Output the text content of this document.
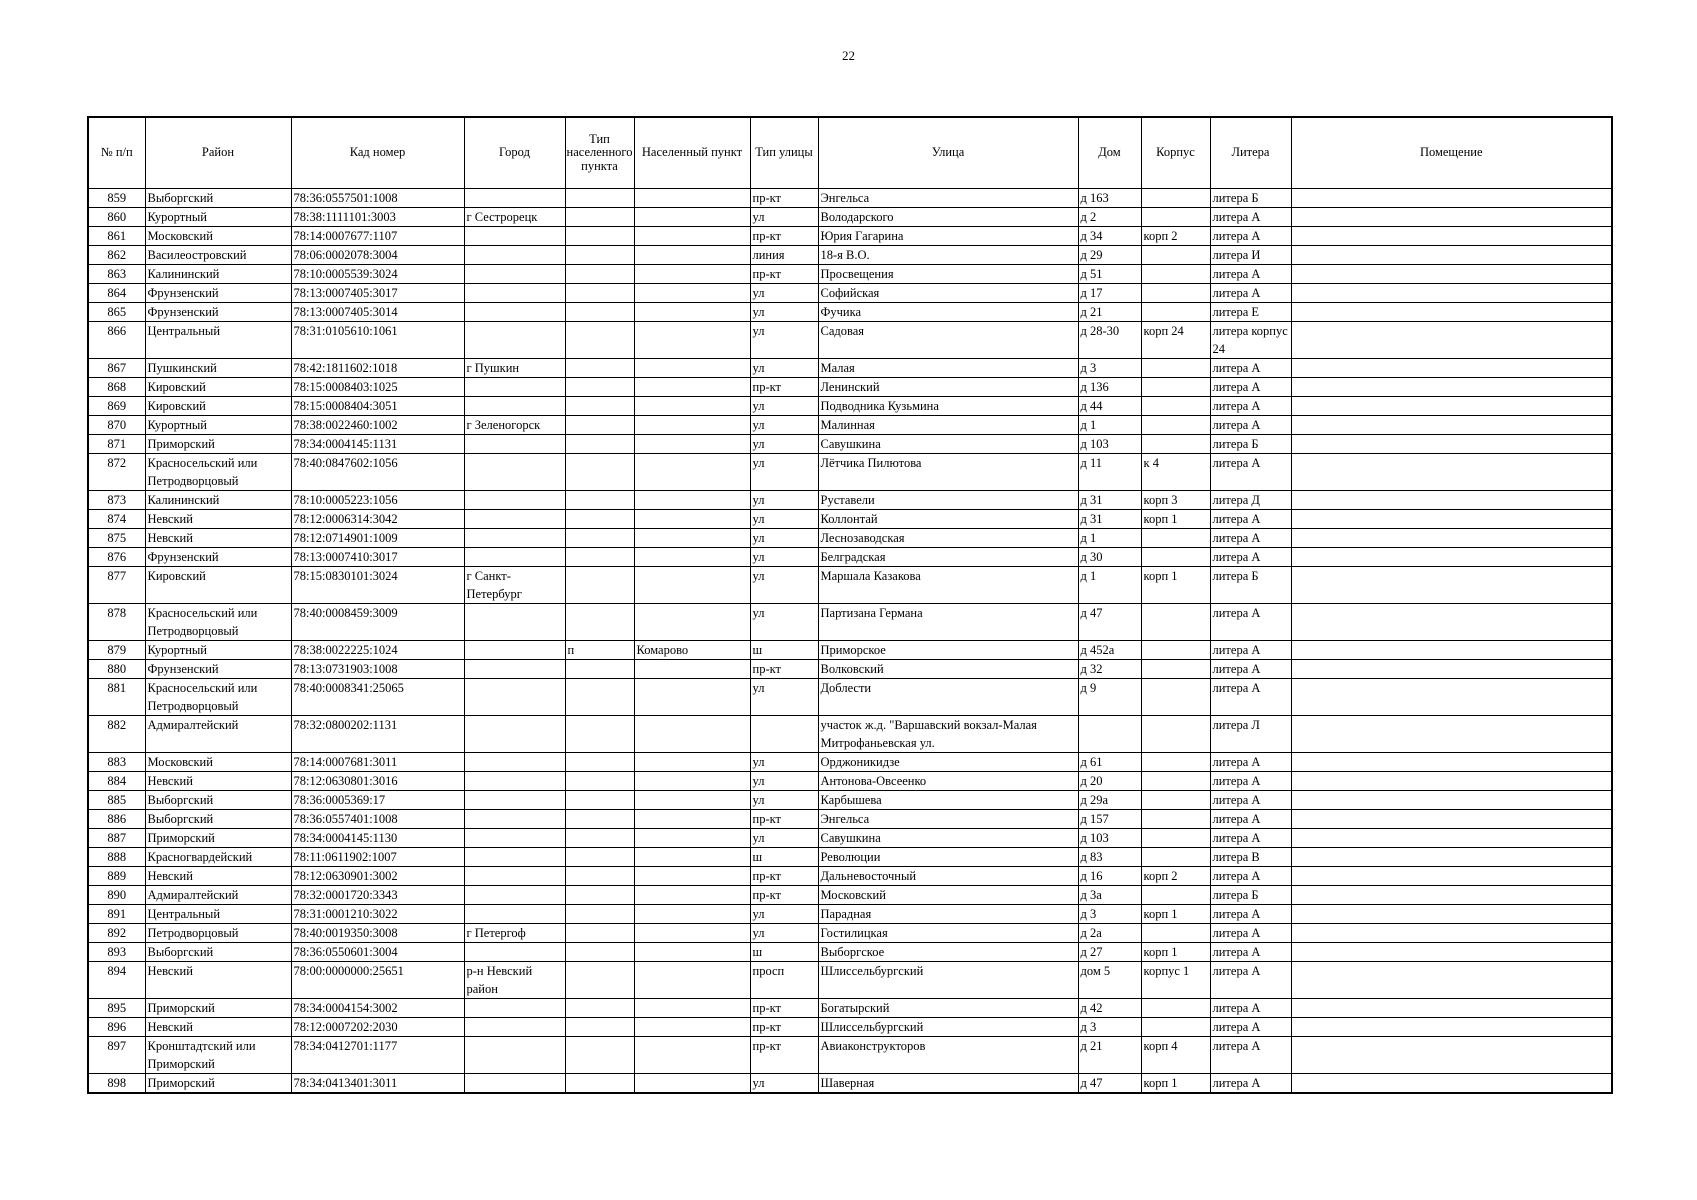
22
№ п/п	Район	Кад номер	Город	Тип населенного пункта	Населенный пункт	Тип улицы	Улица	Дом	Корпус	Литера	Помещение
859	Выборгский	78:36:0557501:1008				пр-кт	Энгельса	д 163		литера Б	
860	Курортный	78:38:1111101:3003	г Сестрорецк			ул	Володарского	д 2		литера А	
861	Московский	78:14:0007677:1107				пр-кт	Юрия Гагарина	д 34	корп 2	литера А	
862	Василеостровский	78:06:0002078:3004				линия	18-я В.О.	д 29		литера И	
863	Калининский	78:10:0005539:3024				пр-кт	Просвещения	д 51		литера А	
864	Фрунзенский	78:13:0007405:3017				ул	Софийская	д 17		литера А	
865	Фрунзенский	78:13:0007405:3014				ул	Фучика	д 21		литера Е	
866	Центральный	78:31:0105610:1061				ул	Садовая	д 28-30	корп 24	литера корпус 24	
867	Пушкинский	78:42:1811602:1018	г Пушкин			ул	Малая	д 3		литера А	
868	Кировский	78:15:0008403:1025				пр-кт	Ленинский	д 136		литера А	
869	Кировский	78:15:0008404:3051				ул	Подводника Кузьмина	д 44		литера А	
870	Курортный	78:38:0022460:1002	г Зеленогорск			ул	Малинная	д 1		литера А	
871	Приморский	78:34:0004145:1131				ул	Савушкина	д 103		литера Б	
872	Красносельский или Петродворцовый	78:40:0847602:1056				ул	Лётчика Пилютова	д 11	к 4	литера А	
873	Калининский	78:10:0005223:1056				ул	Руставели	д 31	корп 3	литера Д	
874	Невский	78:12:0006314:3042				ул	Коллонтай	д 31	корп 1	литера А	
875	Невский	78:12:0714901:1009				ул	Леснозаводская	д 1		литера А	
876	Фрунзенский	78:13:0007410:3017				ул	Белградская	д 30		литера А	
877	Кировский	78:15:0830101:3024	г Санкт-Петербург			ул	Маршала Казакова	д 1	корп 1	литера Б	
878	Красносельский или Петродворцовый	78:40:0008459:3009				ул	Партизана Германа	д 47		литера А	
879	Курортный	78:38:0022225:1024		п	Комарово	ш	Приморское	д 452а		литера А	
880	Фрунзенский	78:13:0731903:1008				пр-кт	Волковский	д 32		литера А	
881	Красносельский или Петродворцовый	78:40:0008341:25065				ул	Доблести	д 9		литера А	
882	Адмиралтейский	78:32:0800202:1131					участок ж.д. "Варшавский вокзал-Малая Митрофаньевская ул.			литера Л	
883	Московский	78:14:0007681:3011				ул	Орджоникидзе	д 61		литера А	
884	Невский	78:12:0630801:3016				ул	Антонова-Овсеенко	д 20		литера А	
885	Выборгский	78:36:0005369:17				ул	Карбышева	д 29а		литера А	
886	Выборгский	78:36:0557401:1008				пр-кт	Энгельса	д 157		литера А	
887	Приморский	78:34:0004145:1130				ул	Савушкина	д 103		литера А	
888	Красногвардейский	78:11:0611902:1007				ш	Революции	д 83		литера В	
889	Невский	78:12:0630901:3002				пр-кт	Дальневосточный	д 16	корп 2	литера А	
890	Адмиралтейский	78:32:0001720:3343				пр-кт	Московский	д 3а		литера Б	
891	Центральный	78:31:0001210:3022				ул	Парадная	д 3	корп 1	литера А	
892	Петродворцовый	78:40:0019350:3008	г Петергоф			ул	Гостилицкая	д 2а		литера А	
893	Выборгский	78:36:0550601:3004				ш	Выборгское	д 27	корп 1	литера А	
894	Невский	78:00:0000000:25651	р-н Невский район			просп	Шлиссельбургский	дом 5	корпус 1	литера А	
895	Приморский	78:34:0004154:3002				пр-кт	Богатырский	д 42		литера А	
896	Невский	78:12:0007202:2030				пр-кт	Шлиссельбургский	д 3		литера А	
897	Кронштадтский или Приморский	78:34:0412701:1177				пр-кт	Авиаконструкторов	д 21	корп 4	литера А	
898	Приморский	78:34:0413401:3011				ул	Шаверная	д 47	корп 1	литера А	
